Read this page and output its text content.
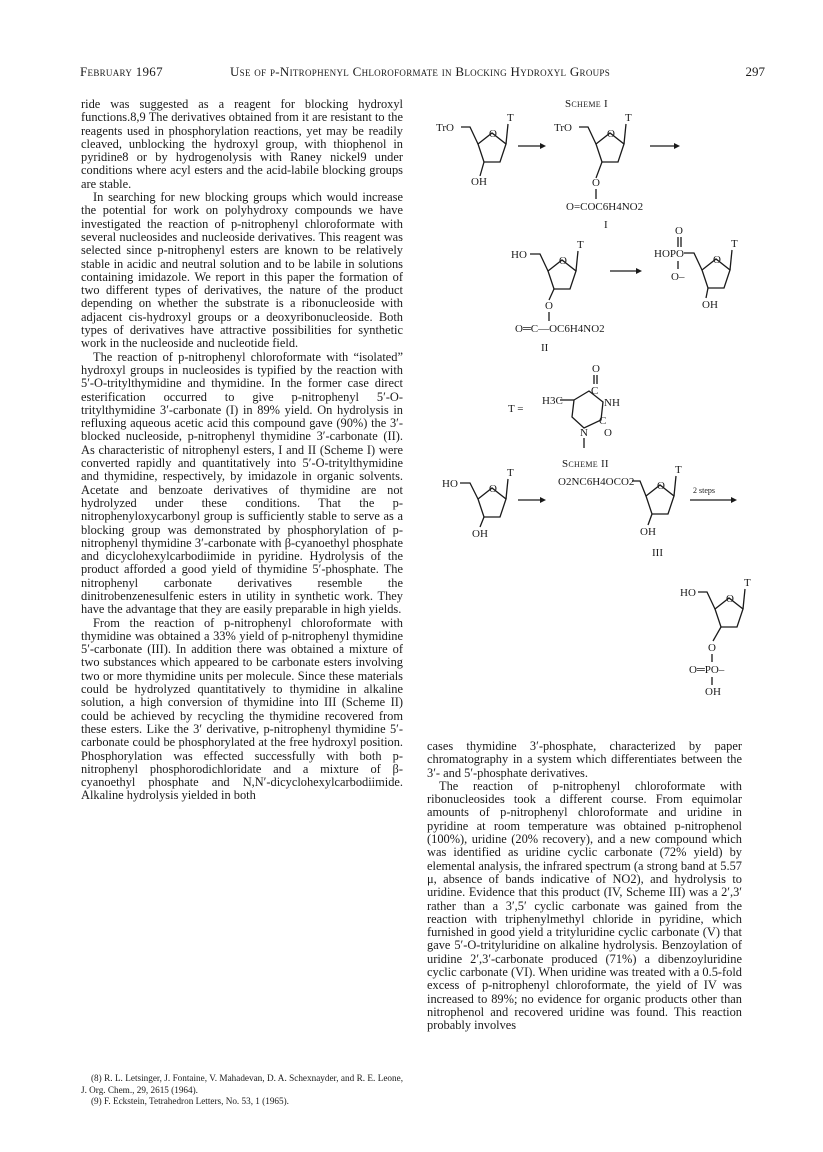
February 1967	Use of p-Nitrophenyl Chloroformate in Blocking Hydroxyl Groups	297

ride was suggested as a reagent for blocking hydroxyl functions.8,9 The derivatives obtained from it are resistant to the reagents used in phosphorylation reactions, yet may be readily cleaved, unblocking the hydroxyl group, with thiophenol in pyridine8 or by hydrogenolysis with Raney nickel9 under conditions where acyl esters and the acid-labile blocking groups are stable.

In searching for new blocking groups which would increase the potential for work on polyhydroxy compounds we have investigated the reaction of p-nitrophenyl chloroformate with several nucleosides and nucleoside derivatives. This reagent was selected since p-nitrophenyl esters are known to be relatively stable in acidic and neutral solution and to be labile in solutions containing imidazole. We report in this paper the formation of two different types of derivatives, the nature of the product depending on whether the substrate is a ribonucleoside with adjacent cis-hydroxyl groups or a deoxyribonucleoside. Both types of derivatives have attractive possibilities for synthetic work in the nucleoside and nucleotide field.

The reaction of p-nitrophenyl chloroformate with “isolated” hydroxyl groups in nucleosides is typified by the reaction with 5′-O-tritylthymidine and thymidine. In the former case direct esterification occurred to give p-nitrophenyl 5′-O-tritylthymidine 3′-carbonate (I) in 89% yield. On hydrolysis in refluxing aqueous acetic acid this compound gave (90%) the 3′-blocked nucleoside, p-nitrophenyl thymidine 3′-carbonate (II). As characteristic of nitrophenyl esters, I and II (Scheme I) were converted rapidly and quantitatively into 5′-O-tritylthymidine and thymidine, respectively, by imidazole in organic solvents. Acetate and benzoate derivatives of thymidine are not hydrolyzed under these conditions. That the p-nitrophenyloxycarbonyl group is sufficiently stable to serve as a blocking group was demonstrated by phosphorylation of p-nitrophenyl thymidine 3′-carbonate with β-cyanoethyl phosphate and dicyclohexylcarbodiimide in pyridine. Hydrolysis of the product afforded a good yield of thymidine 5′-phosphate. The nitrophenyl carbonate derivatives resemble the dinitrobenzenesulfenic esters in utility in synthetic work. They have the advantage that they are easily preparable in high yields.

From the reaction of p-nitrophenyl chloroformate with thymidine was obtained a 33% yield of p-nitrophenyl thymidine 5′-carbonate (III). In addition there was obtained a mixture of two substances which appeared to be carbonate esters involving two or more thymidine units per molecule. Since these materials could be hydrolyzed quantitatively to thymidine in alkaline solution, a high conversion of thymidine into III (Scheme II) could be achieved by recycling the thymidine recovered from these esters. Like the 3′ derivative, p-nitrophenyl thymidine 5′-carbonate could be phosphorylated at the free hydroxyl position. Phosphorylation was effected successfully with both p-nitrophenyl phosphorodichloridate and a mixture of β-cyanoethyl phosphate and N,N′-dicyclohexylcarbodiimide. Alkaline hydrolysis yielded in both

(8) R. L. Letsinger, J. Fontaine, V. Mahadevan, D. A. Schexnayder, and R. E. Leone, J. Org. Chem., 29, 2615 (1964).

(9) F. Eckstein, Tetrahedron Letters, No. 53, 1 (1965).

cases thymidine 3′-phosphate, characterized by paper chromatography in a system which differentiates between the 3′- and 5′-phosphate derivatives.

The reaction of p-nitrophenyl chloroformate with ribonucleosides took a different course. From equimolar amounts of p-nitrophenyl chloroformate and uridine in pyridine at room temperature was obtained p-nitrophenol (100%), uridine (20% recovery), and a new compound which was identified as uridine cyclic carbonate (72% yield) by elemental analysis, the infrared spectrum (a strong band at 5.57 μ, absence of bands indicative of NO2), and hydrolysis to uridine. Evidence that this product (IV, Scheme III) was a 2′,3′ rather than a 3′,5′ cyclic carbonate was gained from the reaction with triphenylmethyl chloride in pyridine, which furnished in good yield a trityluridine cyclic carbonate (V) that gave 5′-O-trityluridine on alkaline hydrolysis. Benzoylation of uridine 2′,3′-carbonate produced (71%) a dibenzoyluridine cyclic carbonate (VI). When uridine was treated with a 0.5-fold excess of p-nitrophenyl chloroformate, the yield of IV was increased to 89%; no evidence for organic products other than nitrophenol and recovered uridine was found. This reaction probably involves

Scheme I
Scheme II
TrO	O
T
OH
TrO	O
T
O
O=COC6H4NO2
I
HO	O
T
O
O═C—OC6H4NO2
II
O
HOPO	O
T
O–
OH
T =
O
C
H3C	NH
C
O
N
HO	O
T
OH
O2NC6H4OCO2 O
T
OH
III
2 steps
HO	O
T
O
O═PO–
OH
